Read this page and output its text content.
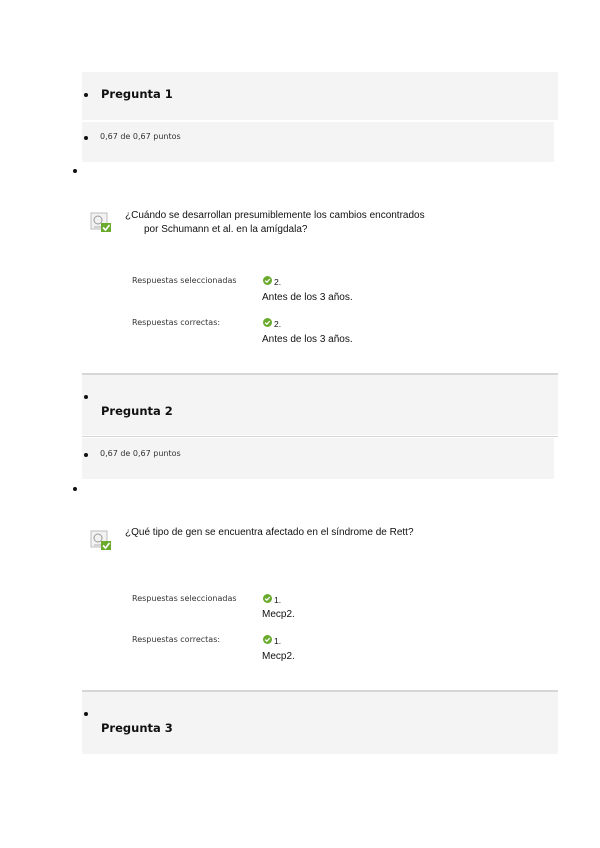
Pregunta 1
0,67 de 0,67 puntos
¿Cuándo se desarrollan presumiblemente los cambios encontrados
por Schumann et al. en la amígdala?
Respuestas seleccionadas	2.
Antes de los 3 años.
Respuestas correctas:	2.
Antes de los 3 años.
Pregunta 2
0,67 de 0,67 puntos
¿Qué tipo de gen se encuentra afectado en el síndrome de Rett?
Respuestas seleccionadas	1.
Mecp2.
Respuestas correctas:	1.
Mecp2.
Pregunta 3
